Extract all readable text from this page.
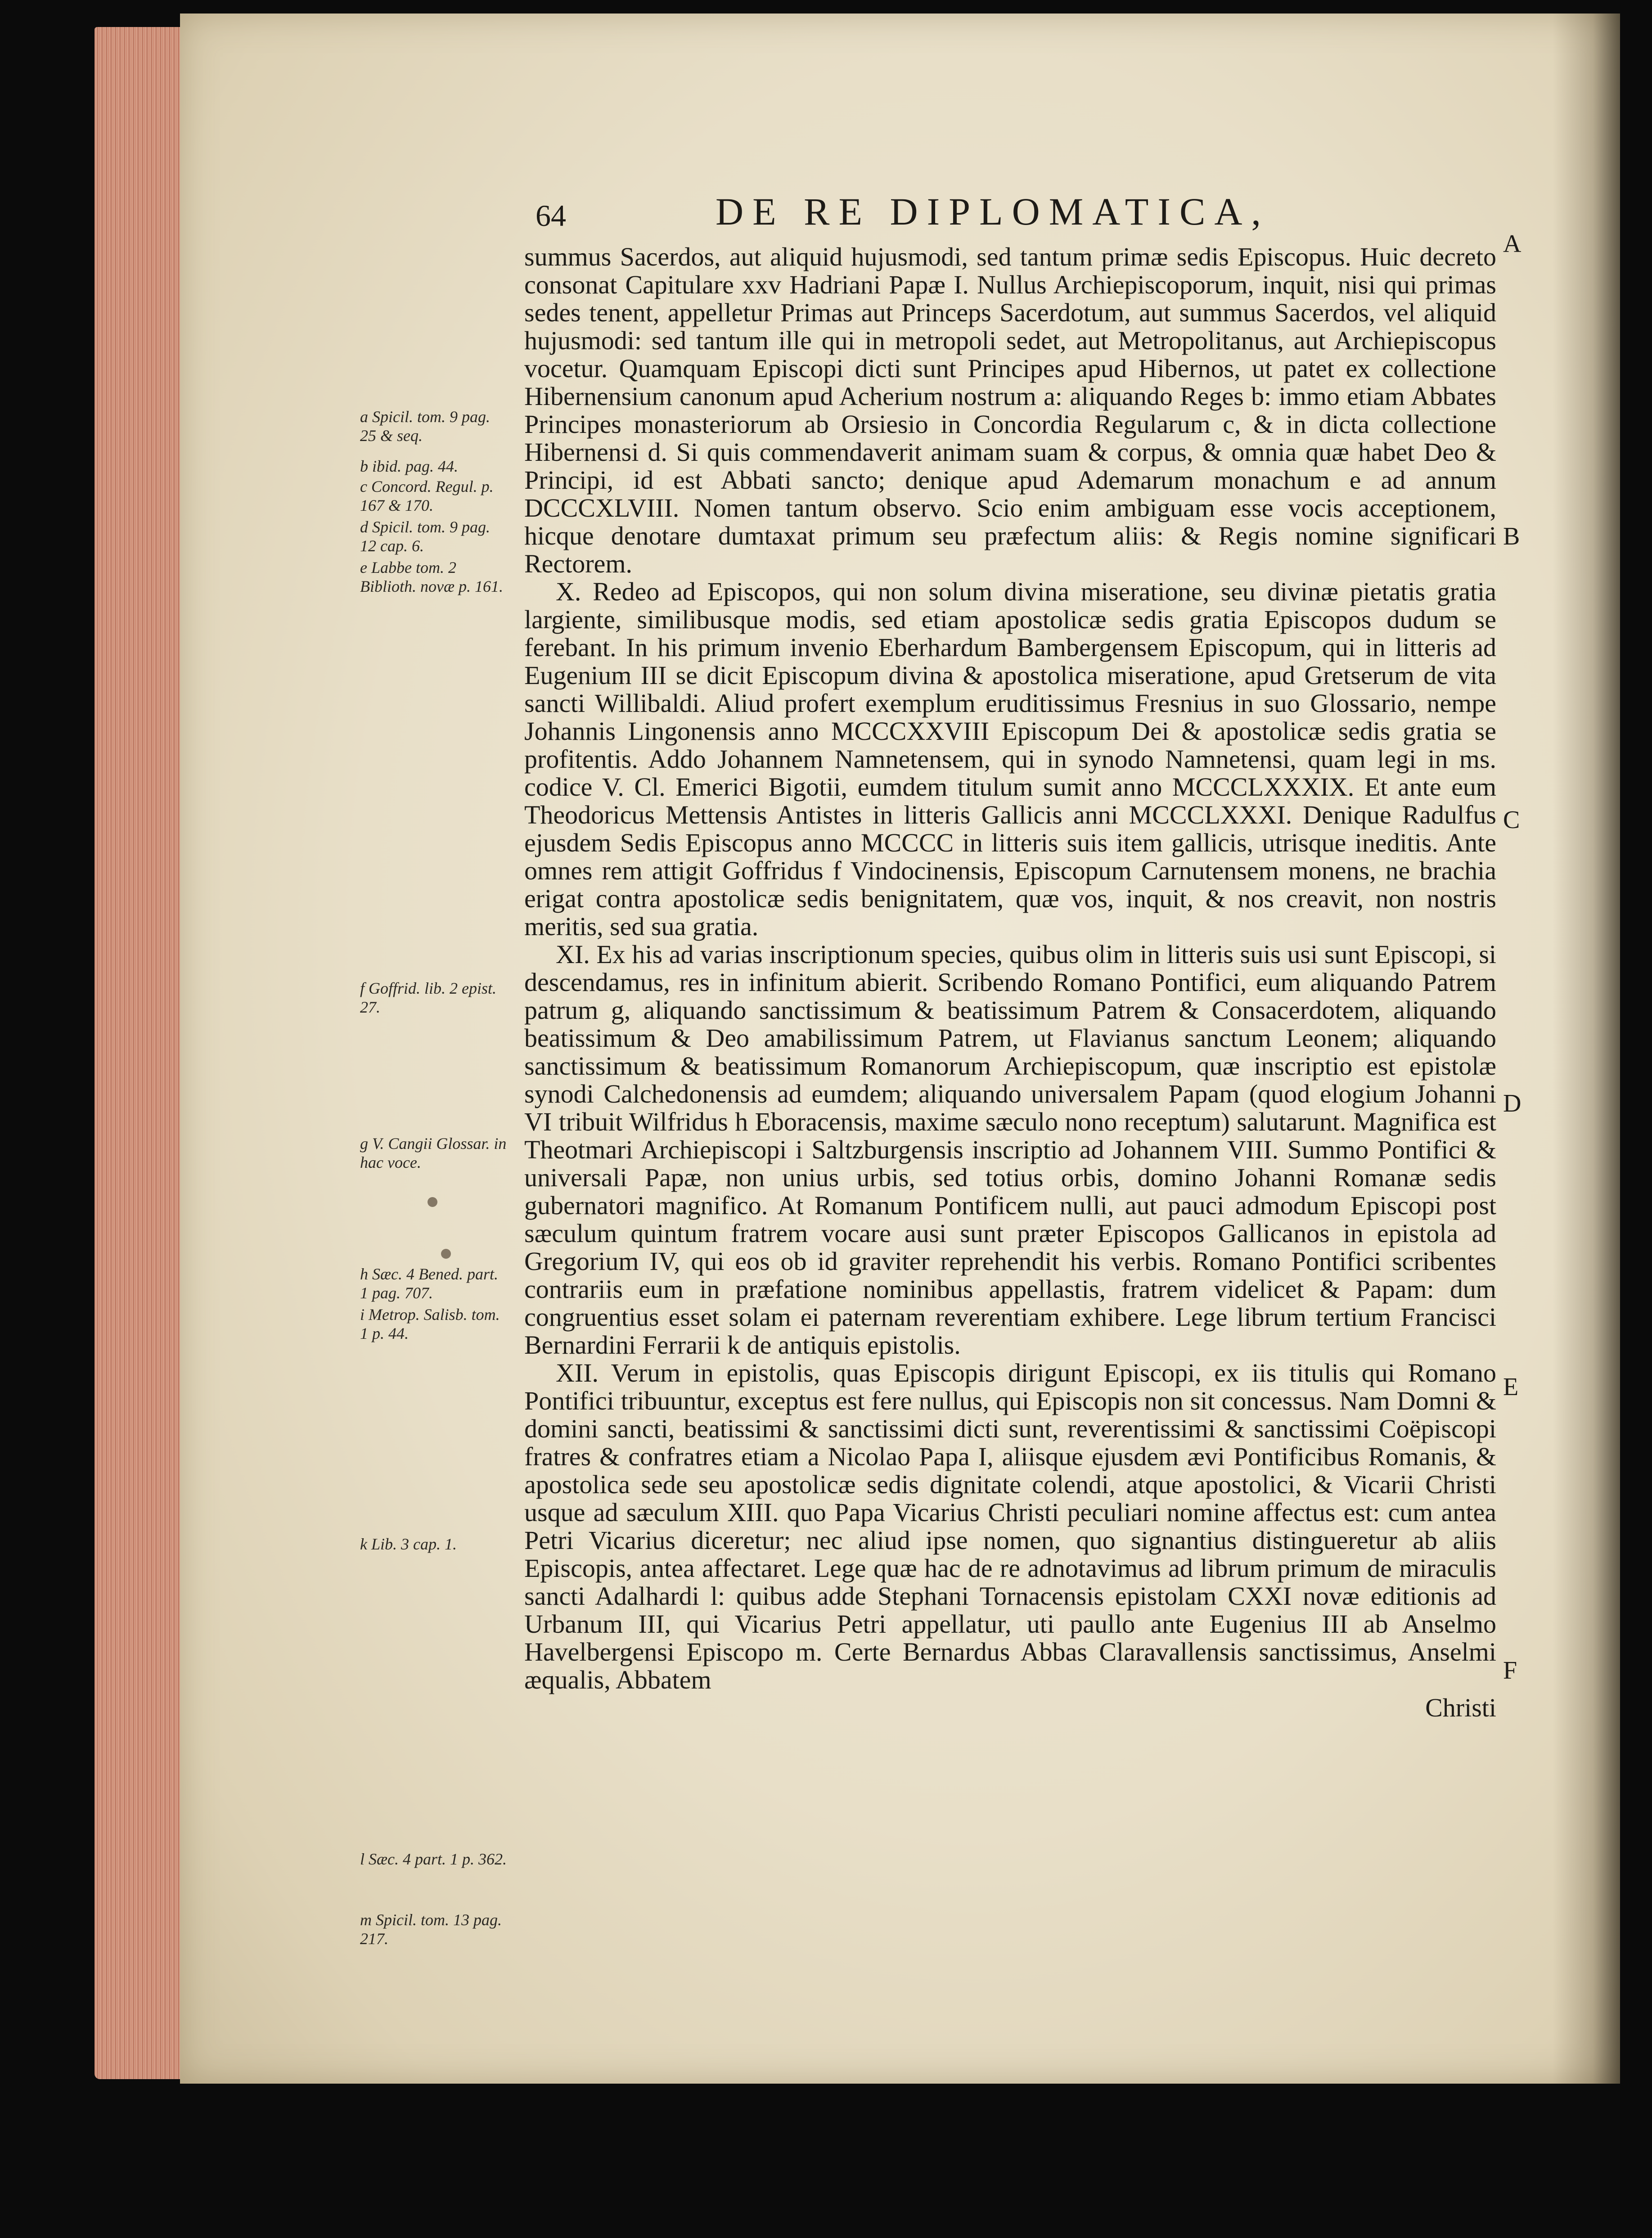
64	DE RE DIPLOMATICA,
a Spicil. tom. 9 pag. 25 & seq.
b ibid. pag. 44.
c Concord. Regul. p. 167 & 170.
d Spicil. tom. 9 pag. 12 cap. 6.
e Labbe tom. 2 Biblioth. novæ p. 161.
f Goffrid. lib. 2 epist. 27.
g V. Cangii Glossar. in hac voce.
h Sæc. 4 Bened. part. 1 pag. 707.
i Metrop. Salisb. tom. 1 p. 44.
k Lib. 3 cap. 1.
l Sæc. 4 part. 1 p. 362.
m Spicil. tom. 13 pag. 217.

summus Sacerdos, aut aliquid hujusmodi, sed tantum primæ sedis Episcopus. Huic decreto consonat Capitulare xxv Hadriani Papæ I. Nullus Archiepiscoporum, inquit, nisi qui primas sedes tenent, appelletur Primas aut Princeps Sacerdotum, aut summus Sacerdos, vel aliquid hujusmodi: sed tantum ille qui in metropoli sedet, aut Metropolitanus, aut Archiepiscopus vocetur. Quamquam Episcopi dicti sunt Principes apud Hibernos, ut patet ex collectione Hibernensium canonum apud Acherium nostrum a: aliquando Reges b: immo etiam Abbates Principes monasteriorum ab Orsiesio in Concordia Regularum c, & in dicta collectione Hibernensi d. Si quis commendaverit animam suam & corpus, & omnia quæ habet Deo & Principi, id est Abbati sancto; denique apud Ademarum monachum e ad annum DCCCXLVIII. Nomen tantum observo. Scio enim ambiguam esse vocis acceptionem, hicque denotare dumtaxat primum seu præfectum aliis: & Regis nomine significari Rectorem.

X. Redeo ad Episcopos, qui non solum divina miseratione, seu divinæ pietatis gratia largiente, similibusque modis, sed etiam apostolicæ sedis gratia Episcopos dudum se ferebant. In his primum invenio Eberhardum Bambergensem Episcopum, qui in litteris ad Eugenium III se dicit Episcopum divina & apostolica miseratione, apud Gretserum de vita sancti Willibaldi. Aliud profert exemplum eruditissimus Fresnius in suo Glossario, nempe Johannis Lingonensis anno MCCCXXVIII Episcopum Dei & apostolicæ sedis gratia se profitentis. Addo Johannem Namnetensem, qui in synodo Namnetensi, quam legi in ms. codice V. Cl. Emerici Bigotii, eumdem titulum sumit anno MCCCLXXXIX. Et ante eum Theodoricus Mettensis Antistes in litteris Gallicis anni MCCCLXXXI. Denique Radulfus ejusdem Sedis Episcopus anno MCCCC in litteris suis item gallicis, utrisque ineditis. Ante omnes rem attigit Goffridus f Vindocinensis, Episcopum Carnutensem monens, ne brachia erigat contra apostolicæ sedis benignitatem, quæ vos, inquit, & nos creavit, non nostris meritis, sed sua gratia.

XI. Ex his ad varias inscriptionum species, quibus olim in litteris suis usi sunt Episcopi, si descendamus, res in infinitum abierit. Scribendo Romano Pontifici, eum aliquando Patrem patrum g, aliquando sanctissimum & beatissimum Patrem & Consacerdotem, aliquando beatissimum & Deo amabilissimum Patrem, ut Flavianus sanctum Leonem; aliquando sanctissimum & beatissimum Romanorum Archiepiscopum, quæ inscriptio est epistolæ synodi Calchedonensis ad eumdem; aliquando universalem Papam (quod elogium Johanni VI tribuit Wilfridus h Eboracensis, maxime sæculo nono receptum) salutarunt. Magnifica est Theotmari Archiepiscopi i Saltzburgensis inscriptio ad Johannem VIII. Summo Pontifici & universali Papæ, non unius urbis, sed totius orbis, domino Johanni Romanæ sedis gubernatori magnifico. At Romanum Pontificem nulli, aut pauci admodum Episcopi post sæculum quintum fratrem vocare ausi sunt præter Episcopos Gallicanos in epistola ad Gregorium IV, qui eos ob id graviter reprehendit his verbis. Romano Pontifici scribentes contrariis eum in præfatione nominibus appellastis, fratrem videlicet & Papam: dum congruentius esset solam ei paternam reverentiam exhibere. Lege librum tertium Francisci Bernardini Ferrarii k de antiquis epistolis.

XII. Verum in epistolis, quas Episcopis dirigunt Episcopi, ex iis titulis qui Romano Pontifici tribuuntur, exceptus est fere nullus, qui Episcopis non sit concessus. Nam Domni & domini sancti, beatissimi & sanctissimi dicti sunt, reverentissimi & sanctissimi Coëpiscopi fratres & confratres etiam a Nicolao Papa I, aliisque ejusdem ævi Pontificibus Romanis, & apostolica sede seu apostolicæ sedis dignitate colendi, atque apostolici, & Vicarii Christi usque ad sæculum XIII. quo Papa Vicarius Christi peculiari nomine affectus est: cum antea Petri Vicarius diceretur; nec aliud ipse nomen, quo signantius distingueretur ab aliis Episcopis, antea affectaret. Lege quæ hac de re adnotavimus ad librum primum de miraculis sancti Adalhardi l: quibus adde Stephani Tornacensis epistolam CXXI novæ editionis ad Urbanum III, qui Vicarius Petri appellatur, uti paullo ante Eugenius III ab Anselmo Havelbergensi Episcopo m. Certe Bernardus Abbas Claravallensis sanctissimus, Anselmi æqualis, Abbatem

Christi

A
B
C
D
E
F
